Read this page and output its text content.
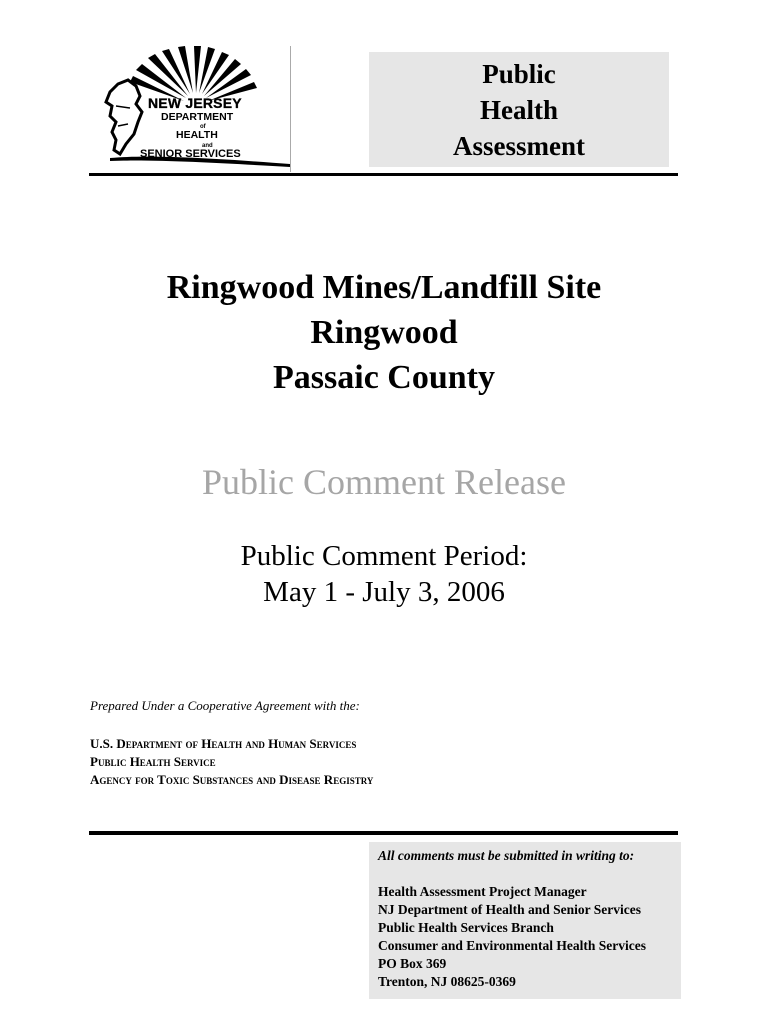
NEW JERSEY
DEPARTMENT
of
HEALTH
and
SENIOR SERVICES
Public
Health
Assessment
Ringwood Mines/Landfill Site
Ringwood
Passaic County
Public Comment Release
Public Comment Period:
May 1 - July 3, 2006
Prepared Under a Cooperative Agreement with the:
U.S. Department of Health and Human Services
Public Health Service
Agency for Toxic Substances and Disease Registry
All comments must be submitted in writing to:
Health Assessment Project Manager
NJ Department of Health and Senior Services
Public Health Services Branch
Consumer and Environmental Health Services
PO Box 369
Trenton, NJ 08625-0369
